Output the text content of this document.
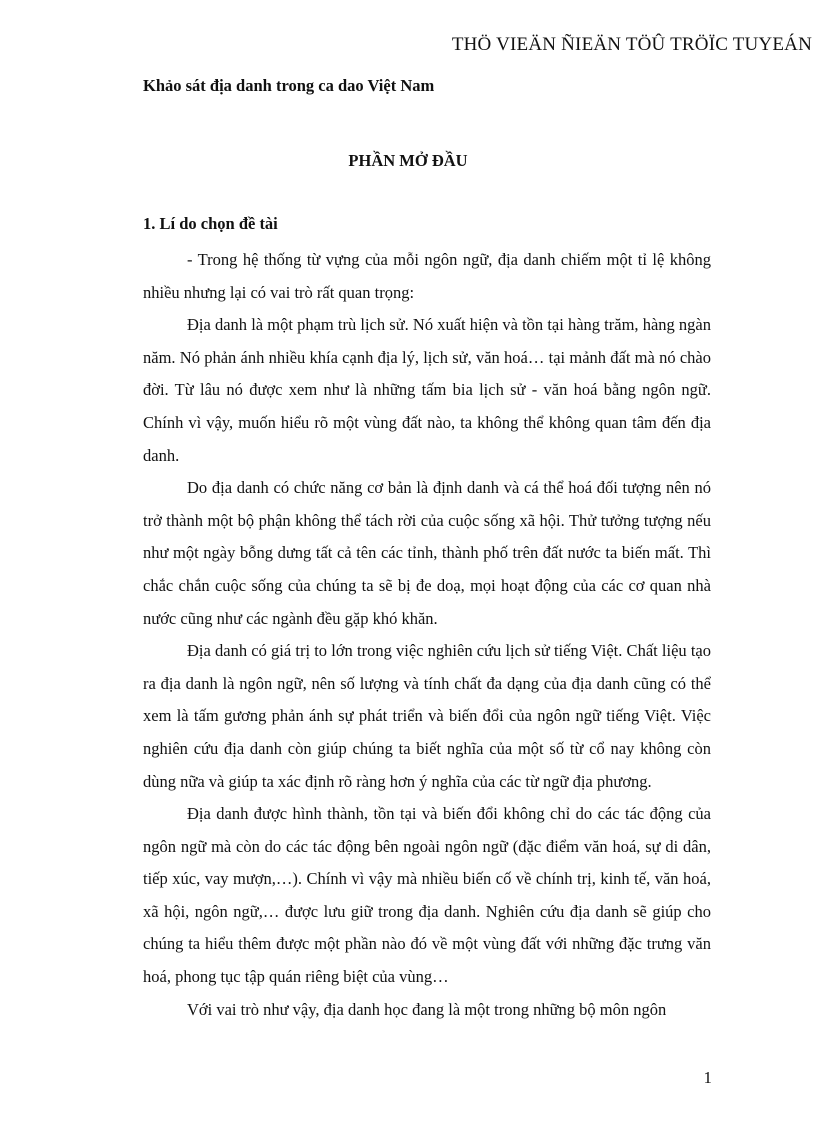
THÖ VIEÄN ÑIEÄN TÖÛ TRÖÏC TUYEÁN
Khảo sát địa danh trong ca dao Việt Nam
PHẦN MỞ ĐẦU
1. Lí do chọn đề tài

- Trong hệ thống từ vựng của mỗi ngôn ngữ, địa danh chiếm một tỉ lệ không nhiều nhưng lại có vai trò rất quan trọng:

Địa danh là một phạm trù lịch sử. Nó xuất hiện và tồn tại hàng trăm, hàng ngàn năm. Nó phản ánh nhiều khía cạnh địa lý, lịch sử, văn hoá… tại mảnh đất mà nó chào đời. Từ lâu nó được xem như là những tấm bia lịch sử - văn hoá bằng ngôn ngữ. Chính vì vậy, muốn hiểu rõ một vùng đất nào, ta không thể không quan tâm đến địa danh.

Do địa danh có chức năng cơ bản là định danh và cá thể hoá đối tượng nên nó trở thành một bộ phận không thể tách rời của cuộc sống xã hội. Thử tưởng tượng nếu như một ngày bỗng dưng tất cả tên các tỉnh, thành phố trên đất nước ta biến mất. Thì chắc chắn cuộc sống của chúng ta sẽ bị đe doạ, mọi hoạt động của các cơ quan nhà nước cũng như các ngành đều gặp khó khăn.

Địa danh có giá trị to lớn trong việc nghiên cứu lịch sử tiếng Việt. Chất liệu tạo ra địa danh là ngôn ngữ, nên số lượng và tính chất đa dạng của địa danh cũng có thể xem là tấm gương phản ánh sự phát triển và biến đổi của ngôn ngữ tiếng Việt. Việc nghiên cứu địa danh còn giúp chúng ta biết nghĩa của một số từ cổ nay không còn dùng nữa và giúp ta xác định rõ ràng hơn ý nghĩa của các từ ngữ địa phương.

Địa danh được hình thành, tồn tại và biến đổi không chỉ do các tác động của ngôn ngữ mà còn do các tác động bên ngoài ngôn ngữ (đặc điểm văn hoá, sự di dân, tiếp xúc, vay mượn,…). Chính vì vậy mà nhiều biến cố về chính trị, kinh tế, văn hoá, xã hội, ngôn ngữ,… được lưu giữ trong địa danh. Nghiên cứu địa danh sẽ giúp cho chúng ta hiểu thêm được một phần nào đó về một vùng đất với những đặc trưng văn hoá, phong tục tập quán riêng biệt của vùng…

Với vai trò như vậy, địa danh học đang là một trong những bộ môn ngôn

1
